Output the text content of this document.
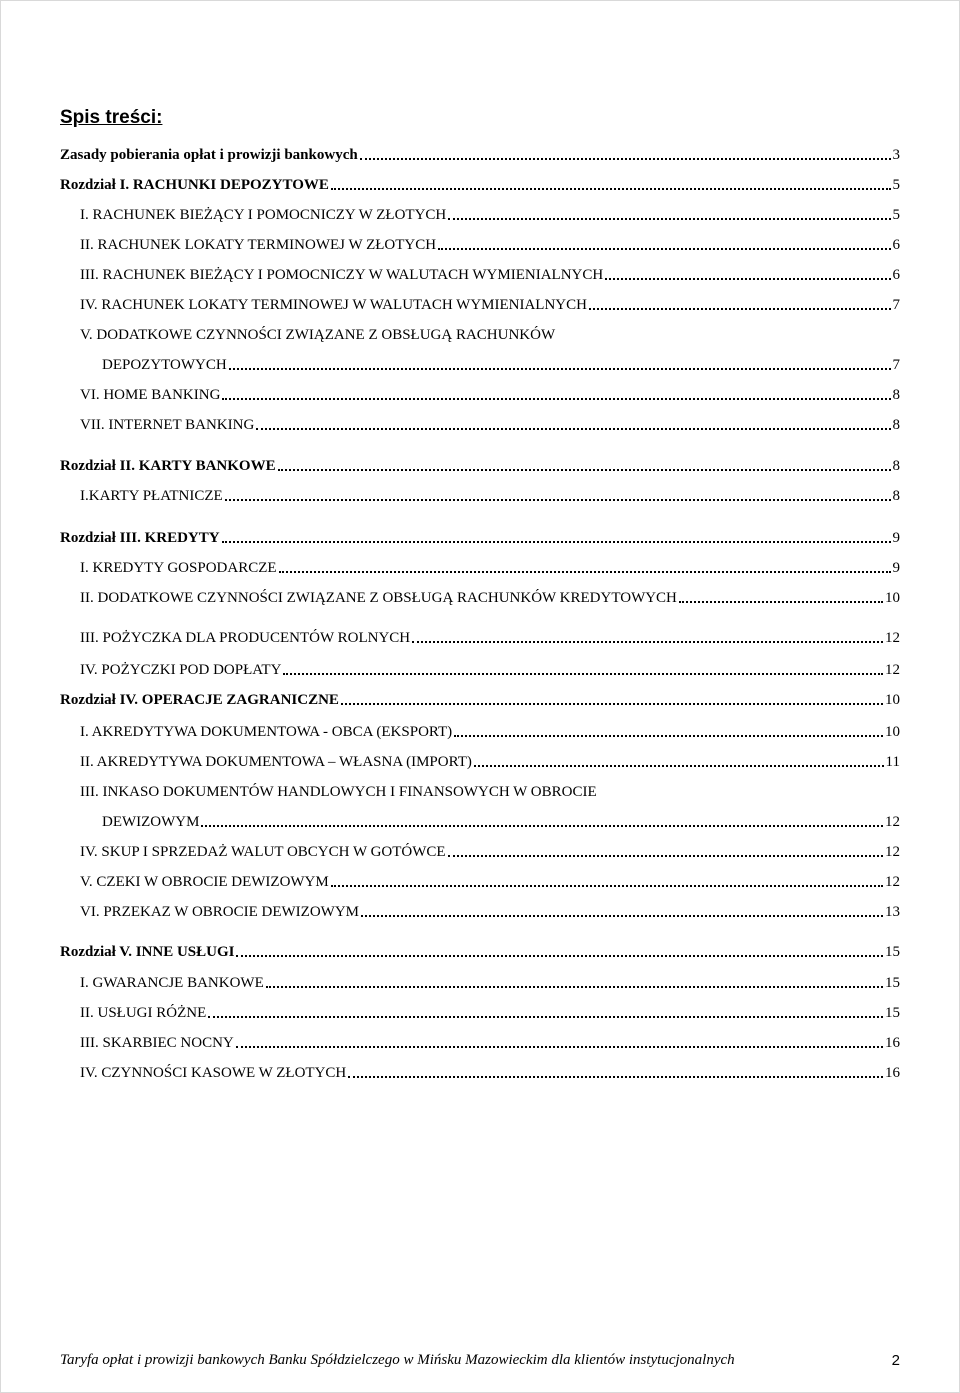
Spis treści:
Zasady pobierania opłat i prowizji bankowych	3
Rozdział I. RACHUNKI DEPOZYTOWE	5
I. RACHUNEK BIEŻĄCY I POMOCNICZY W ZŁOTYCH	5
II. RACHUNEK LOKATY TERMINOWEJ W ZŁOTYCH	6
III. RACHUNEK BIEŻĄCY I POMOCNICZY W WALUTACH WYMIENIALNYCH	6
IV. RACHUNEK LOKATY TERMINOWEJ W WALUTACH WYMIENIALNYCH	7
V. DODATKOWE CZYNNOŚCI ZWIĄZANE Z OBSŁUGĄ RACHUNKÓW
DEPOZYTOWYCH	7
VI. HOME BANKING	8
VII. INTERNET BANKING	8
Rozdział II. KARTY BANKOWE	8
I.KARTY PŁATNICZE	8
Rozdział III. KREDYTY	9
I. KREDYTY GOSPODARCZE	9
II. DODATKOWE CZYNNOŚCI ZWIĄZANE Z OBSŁUGĄ RACHUNKÓW KREDYTOWYCH	10
III. POŻYCZKA DLA PRODUCENTÓW ROLNYCH	12
IV. POŻYCZKI POD DOPŁATY	12
Rozdział IV. OPERACJE ZAGRANICZNE	10
I. AKREDYTYWA DOKUMENTOWA - OBCA (EKSPORT)	10
II. AKREDYTYWA DOKUMENTOWA – WŁASNA (IMPORT)	11
III. INKASO DOKUMENTÓW HANDLOWYCH I FINANSOWYCH W OBROCIE
DEWIZOWYM	12
IV. SKUP I SPRZEDAŻ WALUT OBCYCH W GOTÓWCE	12
V. CZEKI W OBROCIE DEWIZOWYM	12
VI. PRZEKAZ W OBROCIE DEWIZOWYM	13
Rozdział V. INNE USŁUGI	15
I. GWARANCJE BANKOWE	15
II. USŁUGI RÓŻNE	15
III. SKARBIEC NOCNY	16
IV. CZYNNOŚCI KASOWE W ZŁOTYCH	16
Taryfa opłat i prowizji bankowych Banku Spółdzielczego w Mińsku Mazowieckim dla klientów instytucjonalnych	2
